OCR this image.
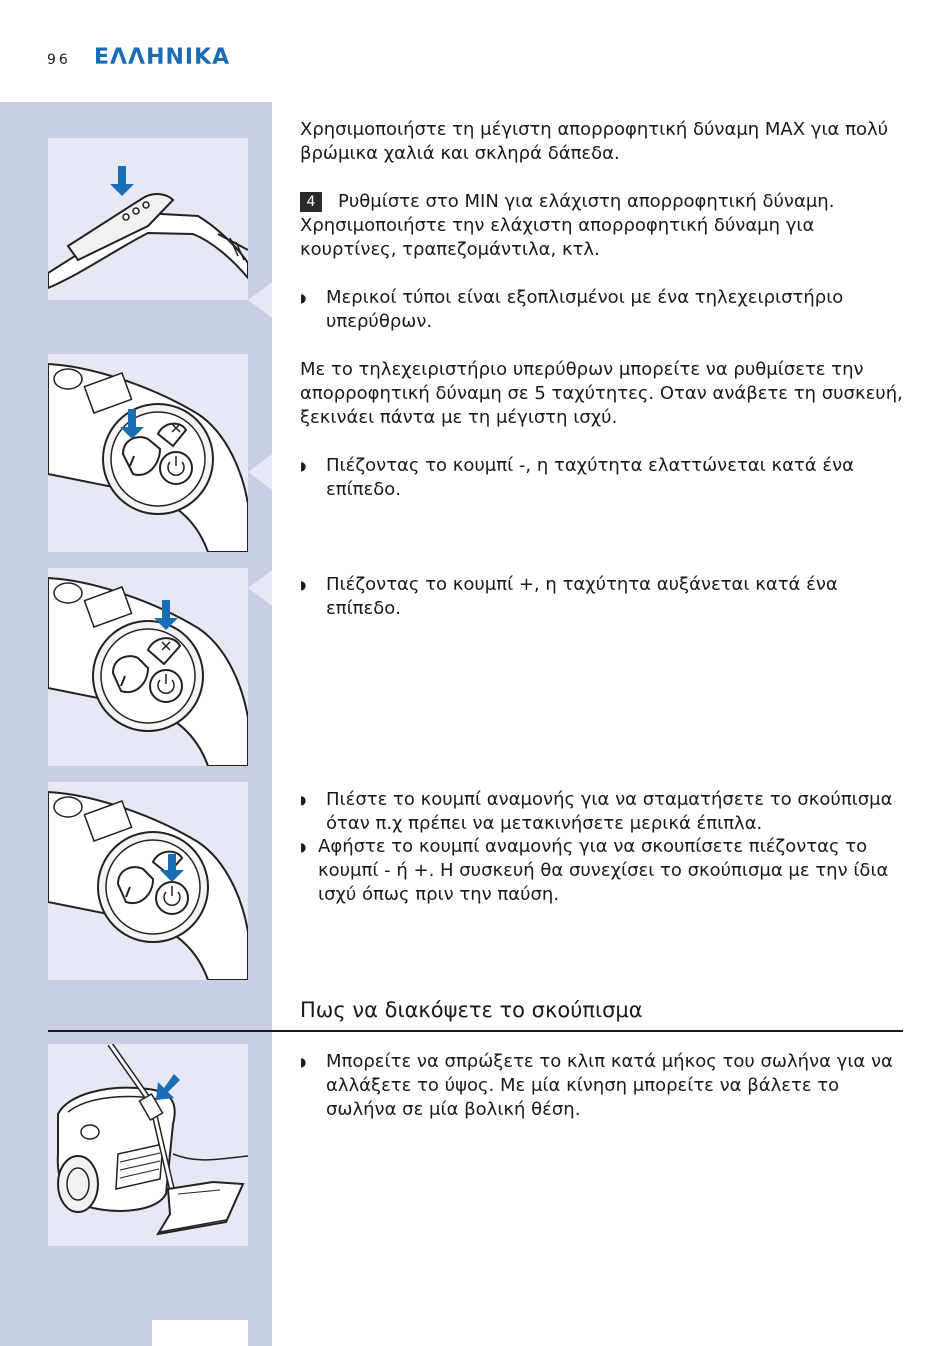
96 ΕΛΛΗΝΙΚΑ

Χρησιμοποιήστε τη μέγιστη απορροφητική δύναμη MAX για πολύ βρώμικα χαλιά και σκληρά δάπεδα.

4 Ρυθμίστε στο MIN για ελάχιστη απορροφητική δύναμη.

Χρησιμοποιήστε την ελάχιστη απορροφητική δύναμη για κουρτίνες, τραπεζομάντιλα, κτλ.

◗ Μερικοί τύποι είναι εξοπλισμένοι με ένα τηλεχειριστήριο υπερύθρων.

Με το τηλεχειριστήριο υπερύθρων μπορείτε να ρυθμίσετε την απορροφητική δύναμη σε 5 ταχύτητες. Οταν ανάβετε τη συσκευή, ξεκινάει πάντα με τη μέγιστη ισχύ.

◗ Πιέζοντας το κουμπί -, η ταχύτητα ελαττώνεται κατά ένα επίπεδο.
◗ Πιέζοντας το κουμπί +, η ταχύτητα αυξάνεται κατά ένα επίπεδο.
◗ Πιέστε το κουμπί αναμονής για να σταματήσετε το σκούπισμα όταν π.χ πρέπει να μετακινήσετε μερικά έπιπλα.
◗ Αφήστε το κουμπί αναμονής για να σκουπίσετε πιέζοντας το κουμπί - ή +. Η συσκευή θα συνεχίσει το σκούπισμα με την ίδια ισχύ όπως πριν την παύση.
◗ Μπορείτε να σπρώξετε το κλιπ κατά μήκος του σωλήνα για να αλλάξετε το ύψος. Με μία κίνηση μπορείτε να βάλετε το σωλήνα σε μία βολική θέση.
Πως να διακόψετε το σκούπισμα
